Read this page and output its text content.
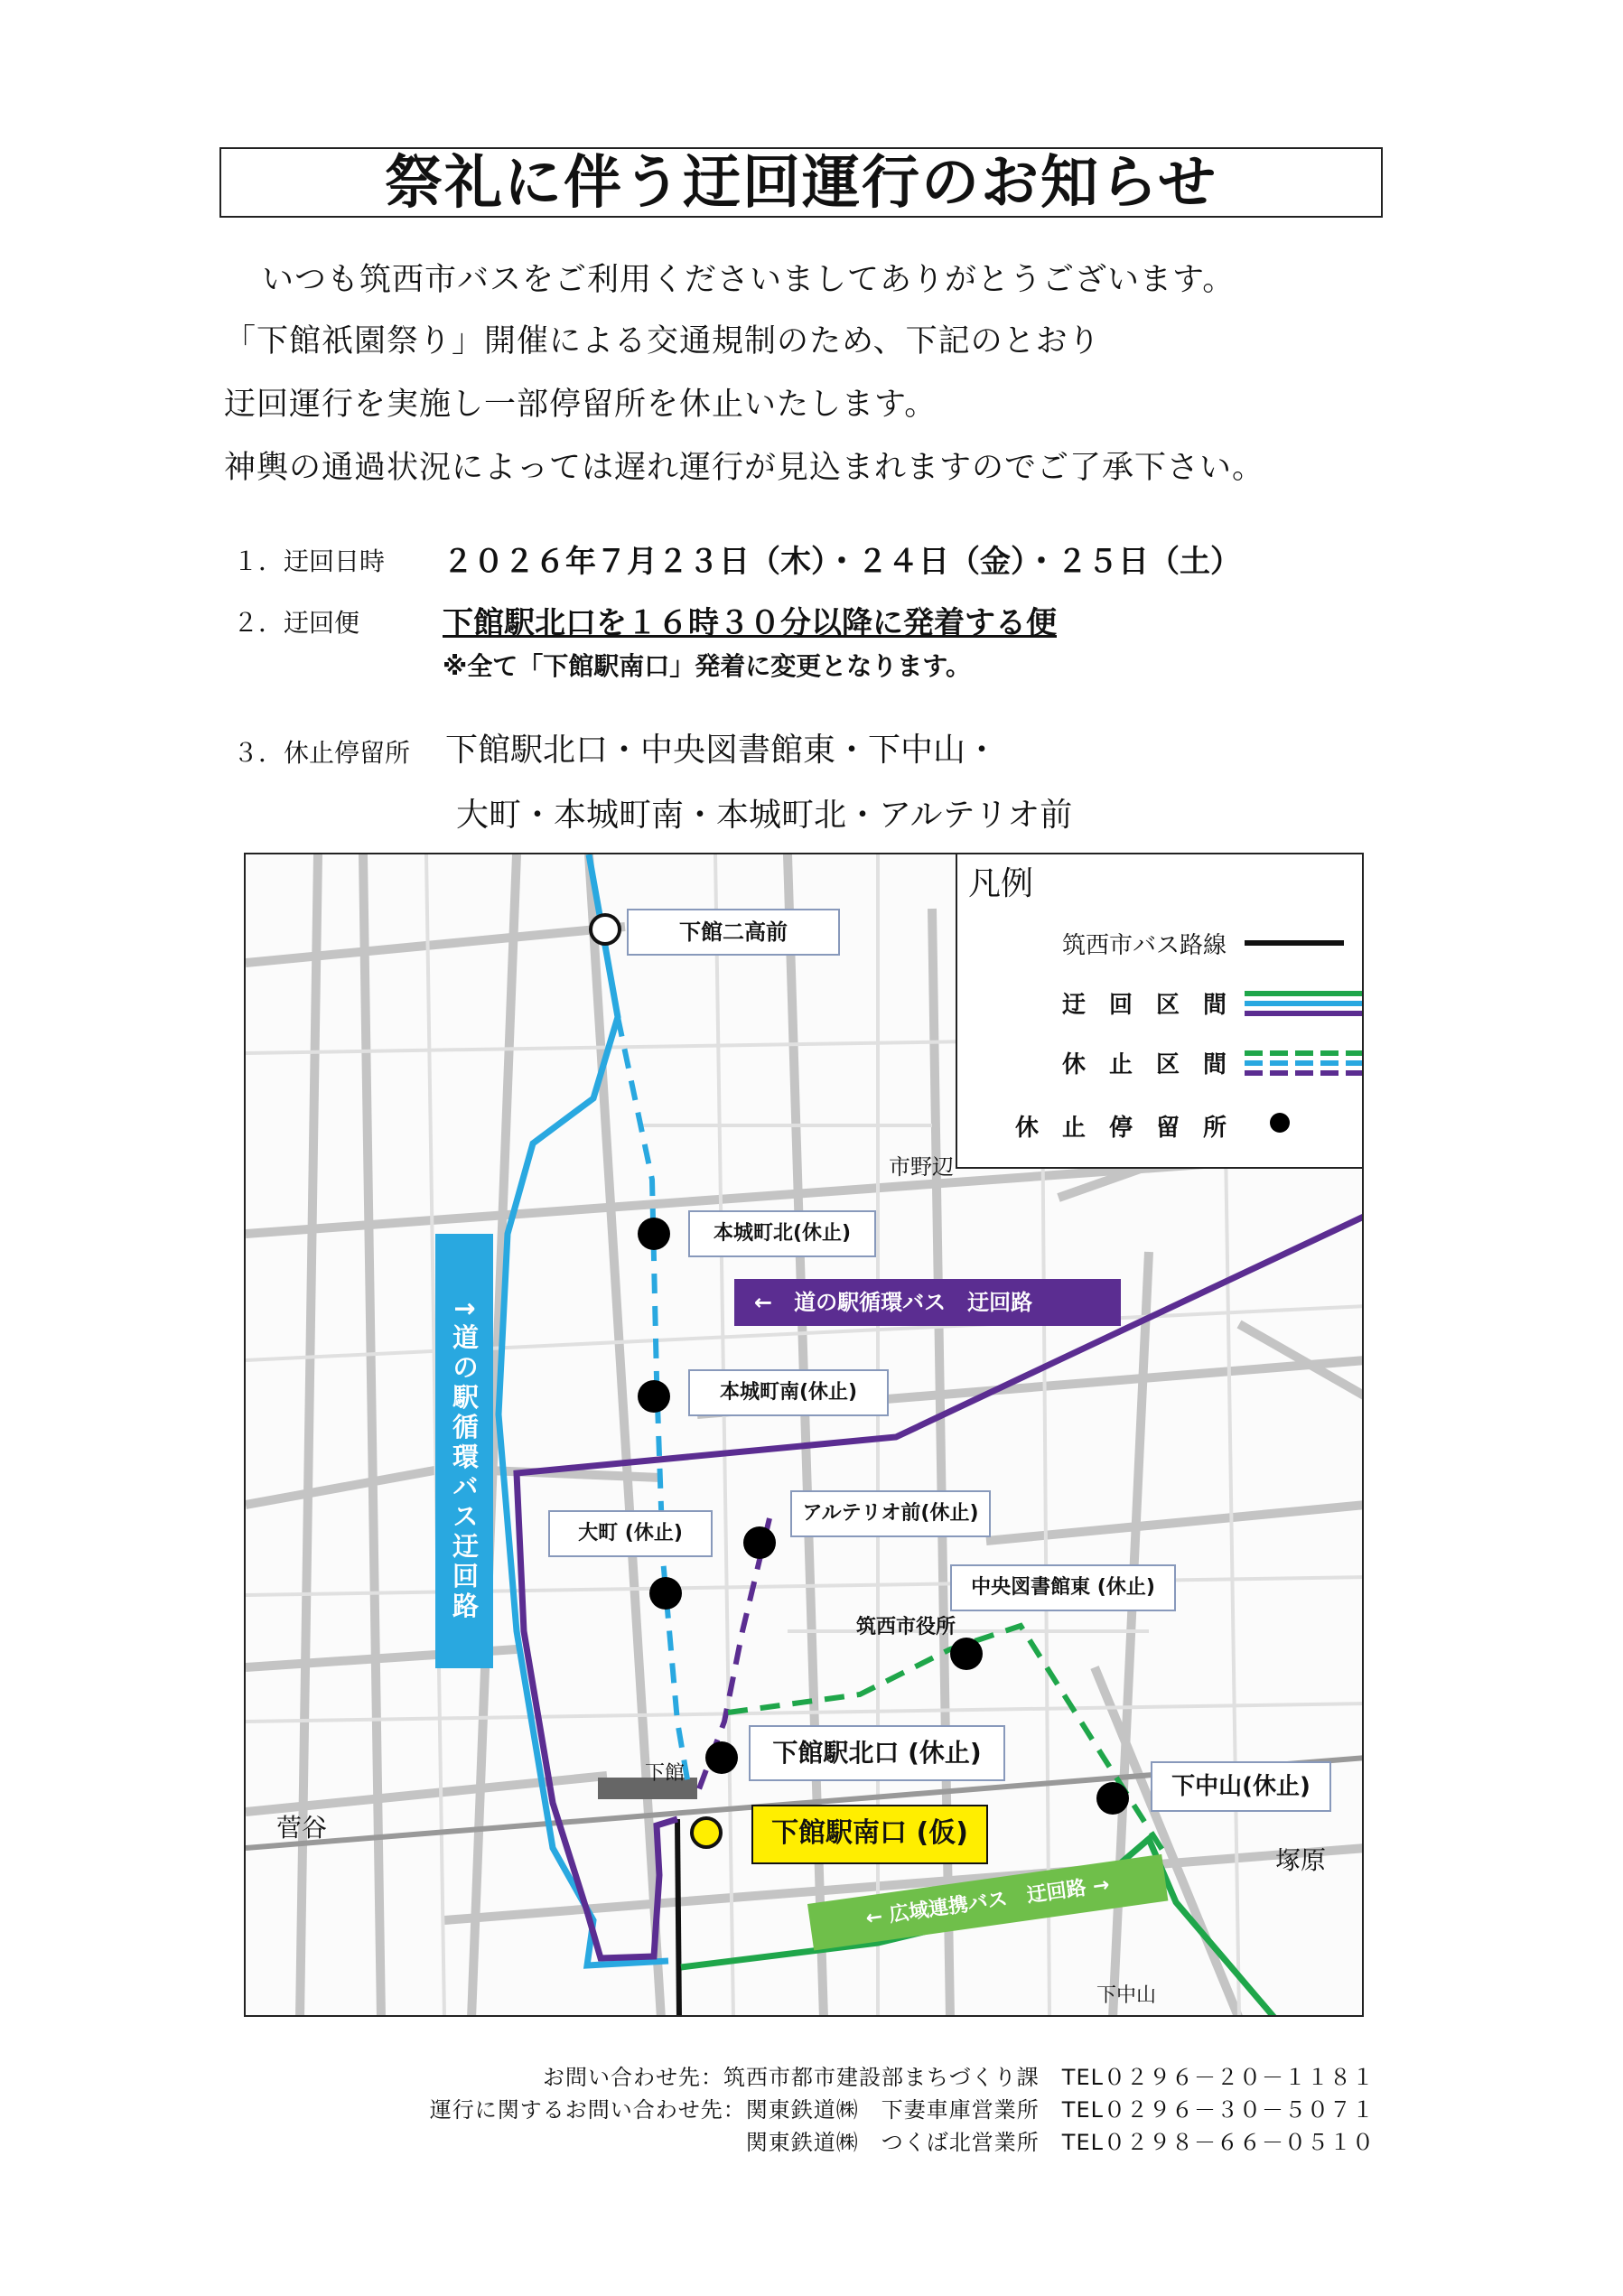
祭礼に伴う迂回運行のお知らせ

いつも筑西市バスをご利用くださいましてありがとうございます。

「下館祇園祭り」開催による交通規制のため、下記のとおり

迂回運行を実施し一部停留所を休止いたします。

神輿の通過状況によっては遅れ運行が見込まれますのでご了承下さい。

１．迂回日時 ２０２６年７月２３日（木）・２４日（金）・２５日（土）
２．迂回便	下館駅北口を１６時３０分以降に発着する便
※全て「下館駅南口」発着に変更となります。
３．休止停留所 下館駅北口・中央図書館東・下中山・
大町・本城町南・本城町北・アルテリオ前
下館二高前
本城町北(休止)
本城町南(休止)
大町 (休止)
アルテリオ前(休止)
中央図書館東 (休止)
下館駅北口 (休止)
下中山(休止)
下館駅南口 (仮)
←　道の駅循環バス　迂回路
↑道の駅循環バス迂回路
← 広域連携バス　迂回路 →
筑西市役所
下館
菅谷
塚原
下中山
市野辺
凡例
筑西市バス路線
迂　回　区　間
休　止　区　間
休　止　停　留　所
お問い合わせ先：筑西市都市建設部まちづくり課　TEL０２９６－２０－１１８１
運行に関するお問い合わせ先：関東鉄道㈱　下妻車庫営業所　TEL０２９６－３０－５０７１
関東鉄道㈱　つくば北営業所　TEL０２９８－６６－０５１０
